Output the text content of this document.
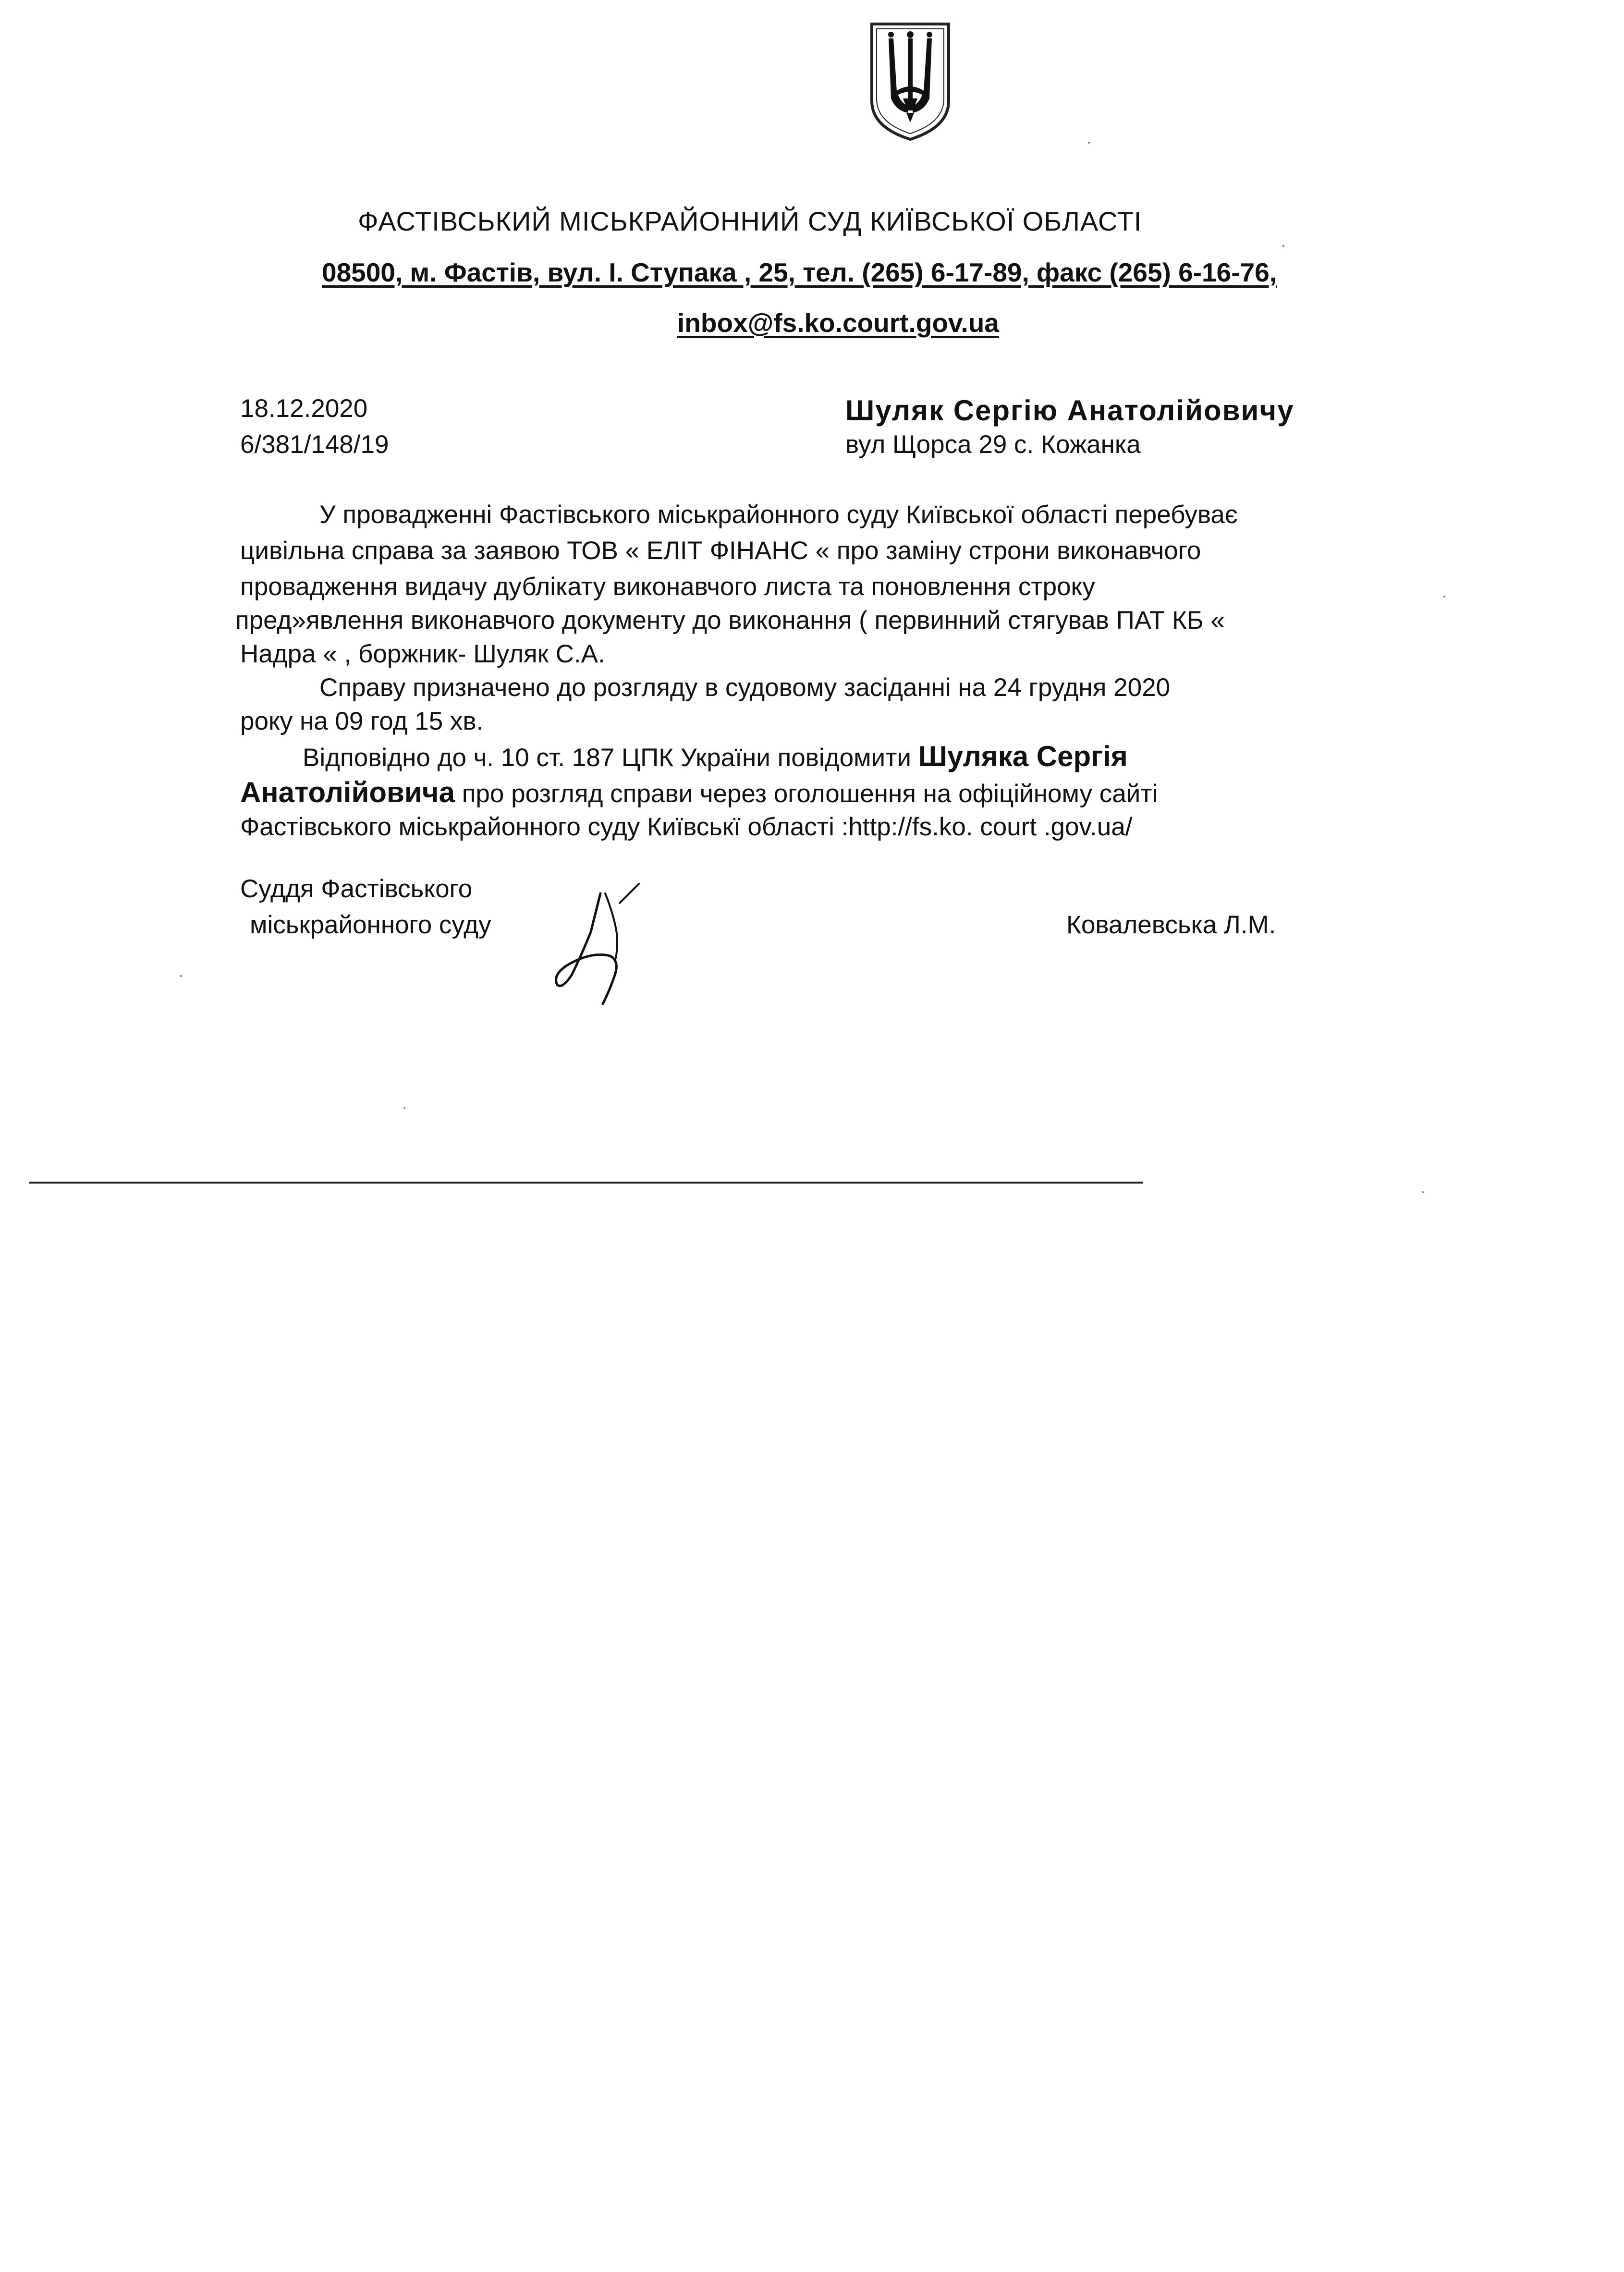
ФАСТІВСЬКИЙ МІСЬКРАЙОННИЙ СУД КИЇВСЬКОЇ ОБЛАСТІ
08500, м. Фастів, вул. І. Ступака , 25, тел. (265) 6-17-89, факс (265) 6-16-76,
inbox@fs.ko.court.gov.ua
18.12.2020
6/381/148/19
Шуляк Сергію Анатолійовичу
вул Щорса 29 с. Кожанка
У провадженні Фастівського міськрайонного суду Київської області перебуває
цивільна справа за заявою ТОВ « ЕЛІТ ФІНАНС « про заміну строни виконавчого
провадження видачу дублікату виконавчого листа та поновлення строку
пред»явлення виконавчого документу до виконання ( первинний стягував ПАТ КБ «
Надра « , боржник- Шуляк С.А.
Справу призначено до розгляду в судовому засіданні на 24 грудня 2020
року на 09 год 15 хв.
Відповідно до ч. 10 ст. 187 ЦПК України повідомити Шуляка Сергія
Анатолійовича про розгляд справи через оголошення на офіційному сайті
Фастівського міськрайонного суду Київськї області :http://fs.ko. court .gov.ua/
Суддя Фастівського
міськрайонного суду	Ковалевська Л.М.
